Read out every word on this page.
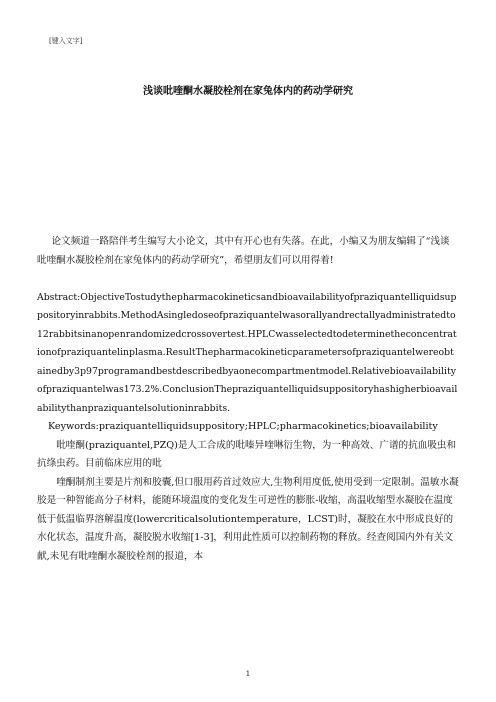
[键入文字]
浅谈吡喹酮水凝胶栓剂在家兔体内的药动学研究

论文频道一路陪伴考生编写大小论文，其中有开心也有失落。在此，小编又为朋友编辑了“浅谈吡喹酮水凝胶栓剂在家兔体内的药动学研究”，希望朋友们可以用得着!

Abstract:ObjectiveTostudythepharmacokineticsandbioavailabilityofpraziquantelliquidsuppositoryinrabbits.MethodAsingledoseofpraziquantelwasorallyandrectallyadministratedto12rabbitsinanopenrandomizedcrossovertest.HPLCwasselectedtodeterminetheconcentrationofpraziquantelinplasma.ResultThepharmacokineticparametersofpraziquantelwereobtainedby3p97programandbestdescribedbyaonecompartmentmodel.Relativebioavailabilityofpraziquantelwas173.2%.ConclusionThepraziquantelliquidsuppositoryhashigherbioavailabilitythanpraziquantelsolutioninrabbits.

Keywords:praziquantelliquidsuppository;HPLC;pharmacokinetics;bioavailability

吡喹酮(praziquantel,PZQ)是人工合成的吡嗪异喹啉衍生物，为一种高效、广谱的抗血吸虫和抗绦虫药。目前临床应用的吡

喹酮制剂主要是片剂和胶囊,但口服用药首过效应大,生物利用度低,使用受到一定限制。温敏水凝胶是一种智能高分子材料，能随环境温度的变化发生可逆性的膨胀-收缩，高温收缩型水凝胶在温度低于低温临界溶解温度(lowercriticalsolutiontemperature，LCST)时，凝胶在水中形成良好的水化状态，温度升高，凝胶脱水收缩[1-3]，利用此性质可以控制药物的释放。经查阅国内外有关文献,未见有吡喹酮水凝胶栓剂的报道，本

1
